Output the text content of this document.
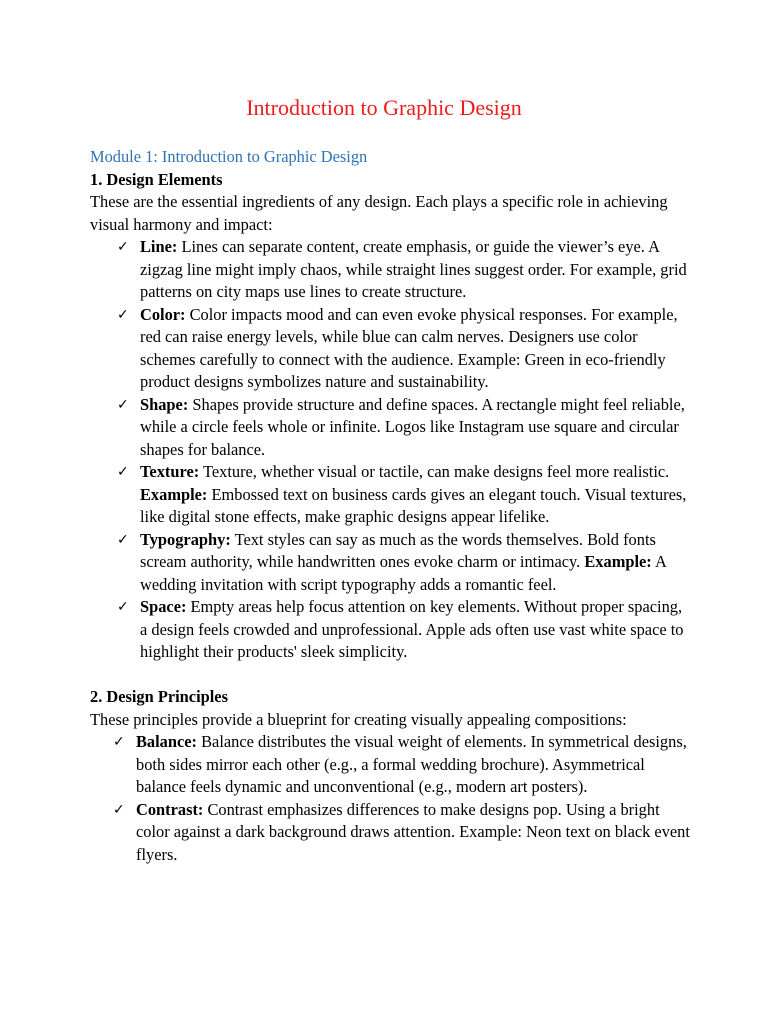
Introduction to Graphic Design

Module 1: Introduction to Graphic Design

1. Design Elements

These are the essential ingredients of any design. Each plays a specific role in achieving visual harmony and impact:

✓ Line: Lines can separate content, create emphasis, or guide the viewer’s eye. A zigzag line might imply chaos, while straight lines suggest order. For example, grid patterns on city maps use lines to create structure.
✓ Color: Color impacts mood and can even evoke physical responses. For example, red can raise energy levels, while blue can calm nerves. Designers use color schemes carefully to connect with the audience. Example: Green in eco-friendly product designs symbolizes nature and sustainability.
✓ Shape: Shapes provide structure and define spaces. A rectangle might feel reliable, while a circle feels whole or infinite. Logos like Instagram use square and circular shapes for balance.
✓ Texture: Texture, whether visual or tactile, can make designs feel more realistic. Example: Embossed text on business cards gives an elegant touch. Visual textures, like digital stone effects, make graphic designs appear lifelike.
✓ Typography: Text styles can say as much as the words themselves. Bold fonts scream authority, while handwritten ones evoke charm or intimacy. Example: A wedding invitation with script typography adds a romantic feel.
✓ Space: Empty areas help focus attention on key elements. Without proper spacing, a design feels crowded and unprofessional. Apple ads often use vast white space to highlight their products' sleek simplicity.

2. Design Principles

These principles provide a blueprint for creating visually appealing compositions:

✓ Balance: Balance distributes the visual weight of elements. In symmetrical designs, both sides mirror each other (e.g., a formal wedding brochure). Asymmetrical balance feels dynamic and unconventional (e.g., modern art posters).
✓ Contrast: Contrast emphasizes differences to make designs pop. Using a bright color against a dark background draws attention. Example: Neon text on black event flyers.
